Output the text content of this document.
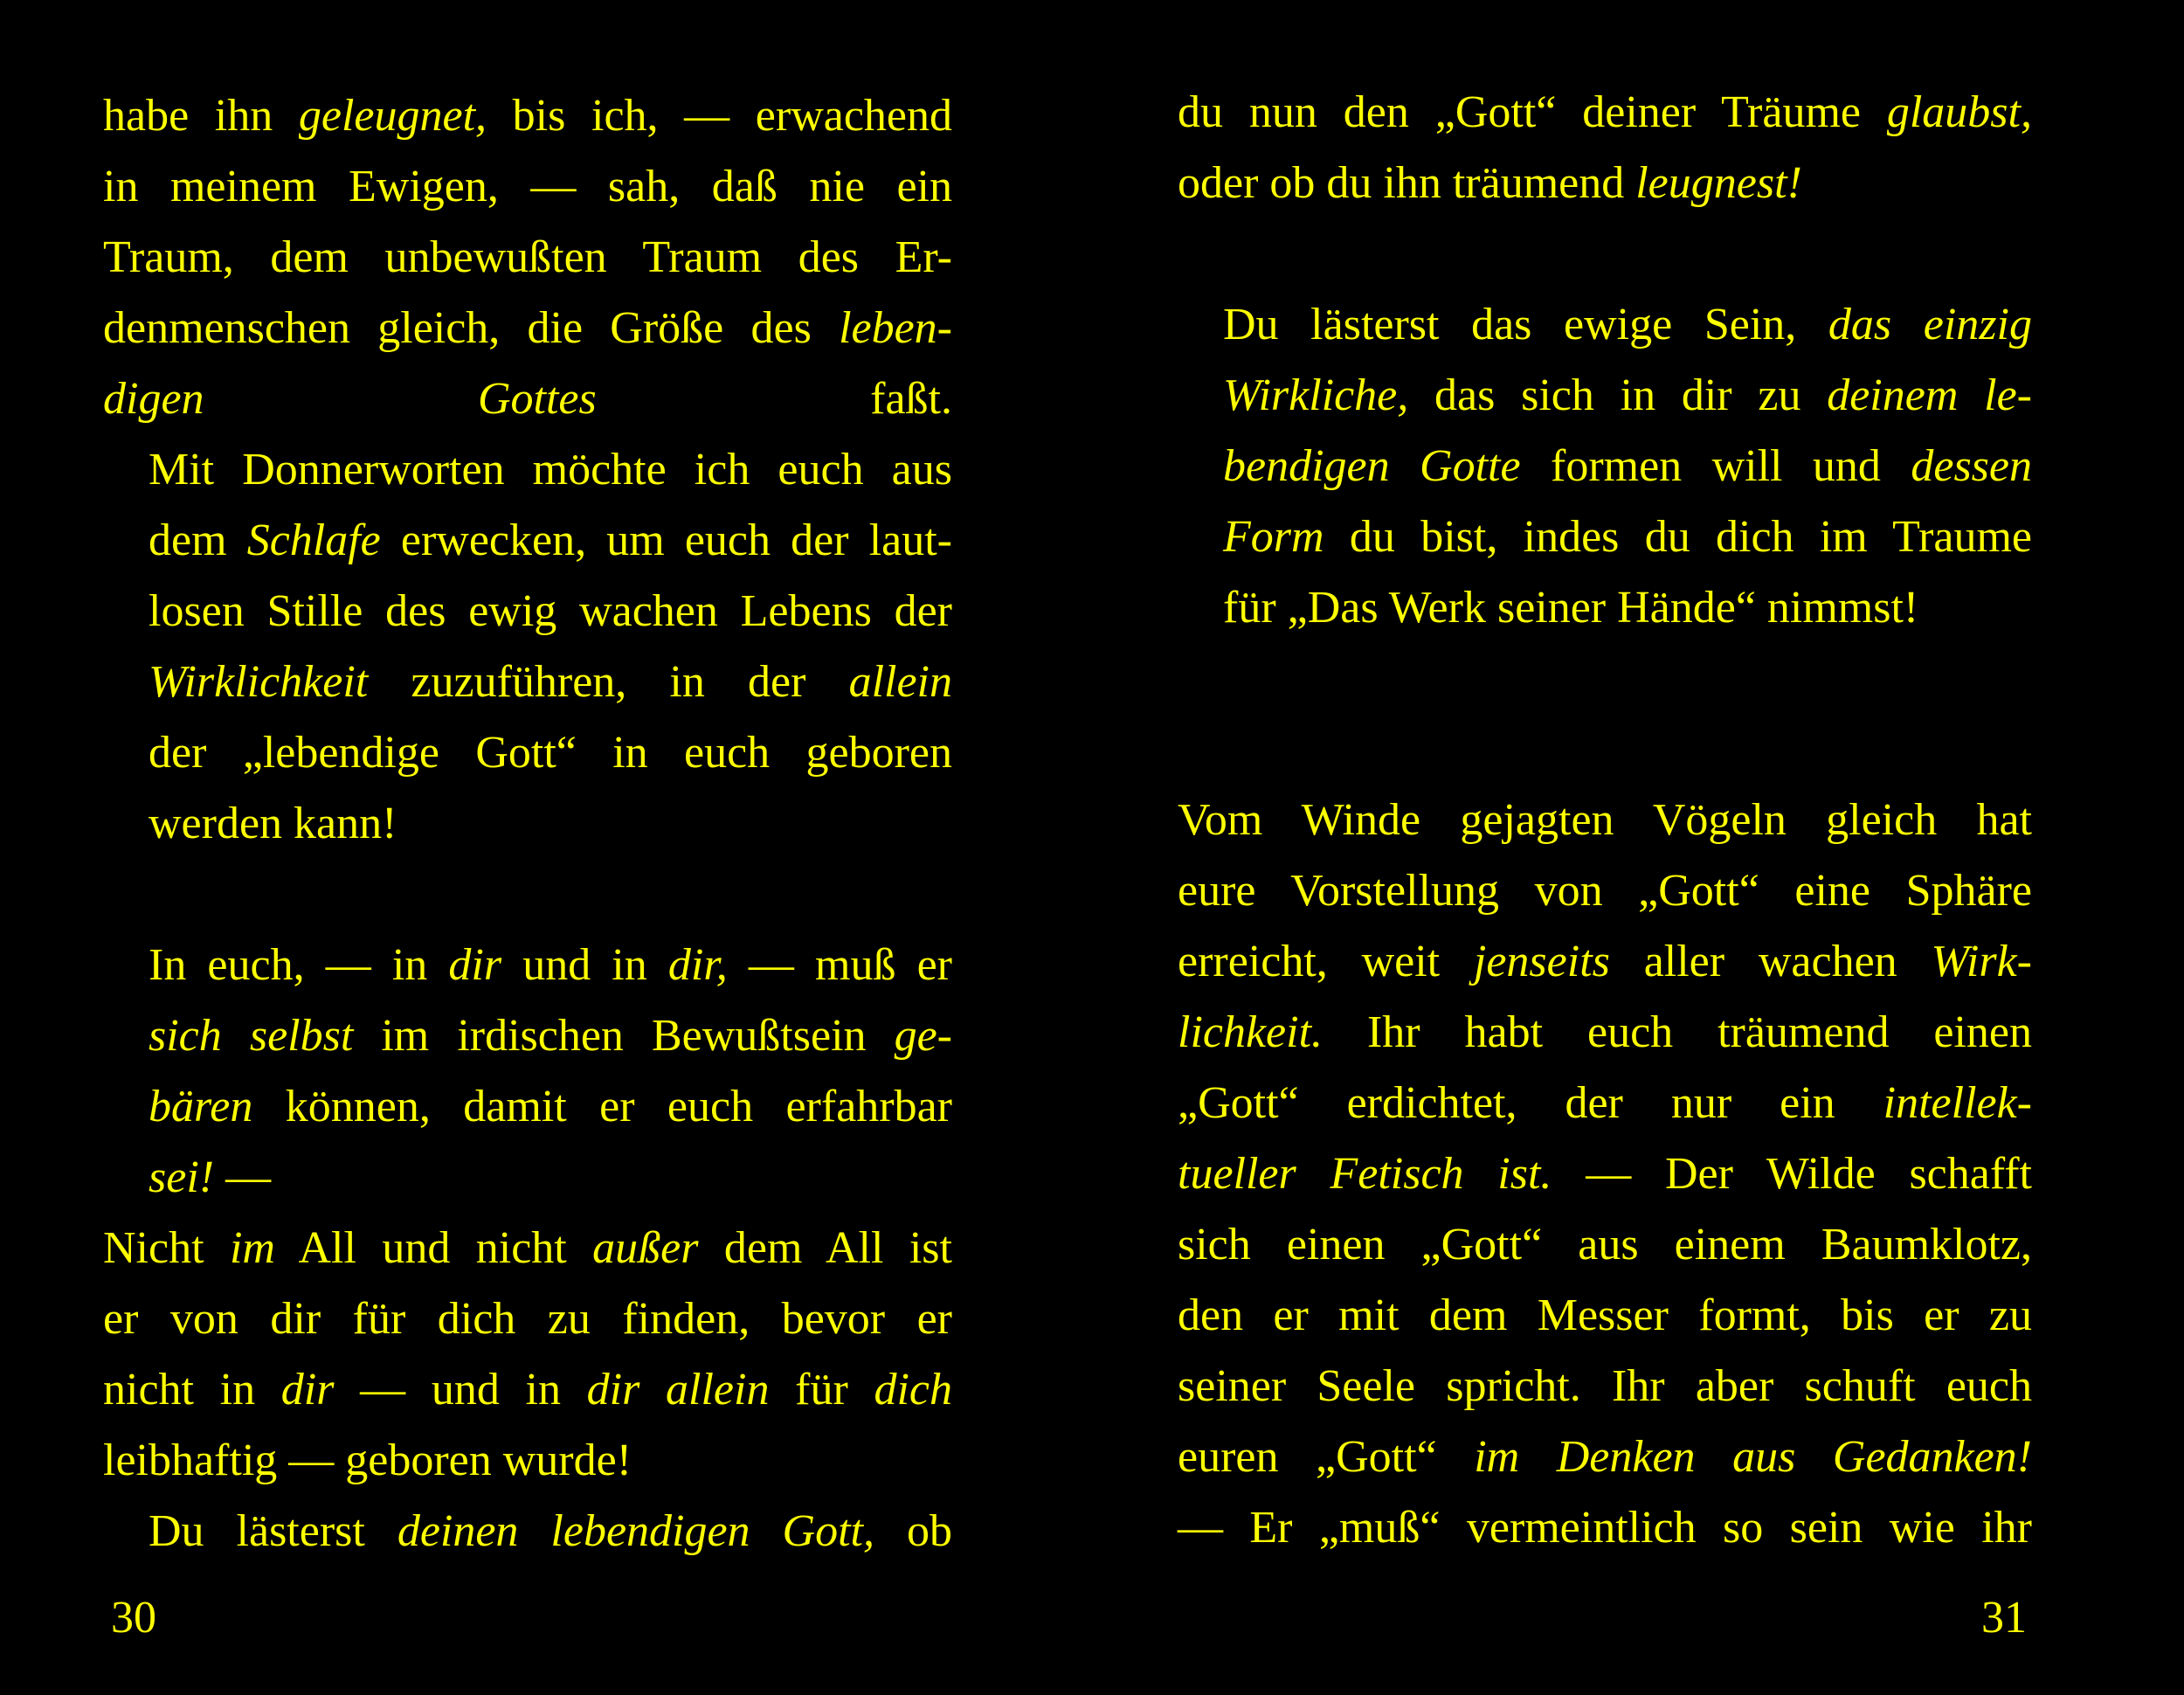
habe ihn geleugnet, bis ich, — erwachend
in meinem Ewigen, — sah, daß nie ein
Traum, dem unbewußten Traum des Er-
denmenschen gleich, die Größe des leben-
digen Gottes faßt.
Mit Donnerworten möchte ich euch aus
dem Schlafe erwecken, um euch der laut-
losen Stille des ewig wachen Lebens der
Wirklichkeit zuzuführen, in der allein
der „lebendige Gott“ in euch geboren
werden kann!
In euch, — in dir und in dir, — muß er
sich selbst im irdischen Bewußtsein ge-
bären können, damit er euch erfahrbar
sei! —
Nicht im All und nicht außer dem All ist
er von dir für dich zu finden, bevor er
nicht in dir — und in dir allein für dich
leibhaftig — geboren wurde!
Du lästerst deinen lebendigen Gott, ob
30
du nun den „Gott“ deiner Träume glaubst,
oder ob du ihn träumend leugnest!
Du lästerst das ewige Sein, das einzig
Wirkliche, das sich in dir zu deinem le-
bendigen Gotte formen will und dessen
Form du bist, indes du dich im Traume
für „Das Werk seiner Hände“ nimmst!
Vom Winde gejagten Vögeln gleich hat
eure Vorstellung von „Gott“ eine Sphäre
erreicht, weit jenseits aller wachen Wirk-
lichkeit. Ihr habt euch träumend einen
„Gott“ erdichtet, der nur ein intellek-
tueller Fetisch ist. — Der Wilde schafft
sich einen „Gott“ aus einem Baumklotz,
den er mit dem Messer formt, bis er zu
seiner Seele spricht. Ihr aber schuft euch
euren „Gott“ im Denken aus Gedanken!
— Er „muß“ vermeintlich so sein wie ihr
31
